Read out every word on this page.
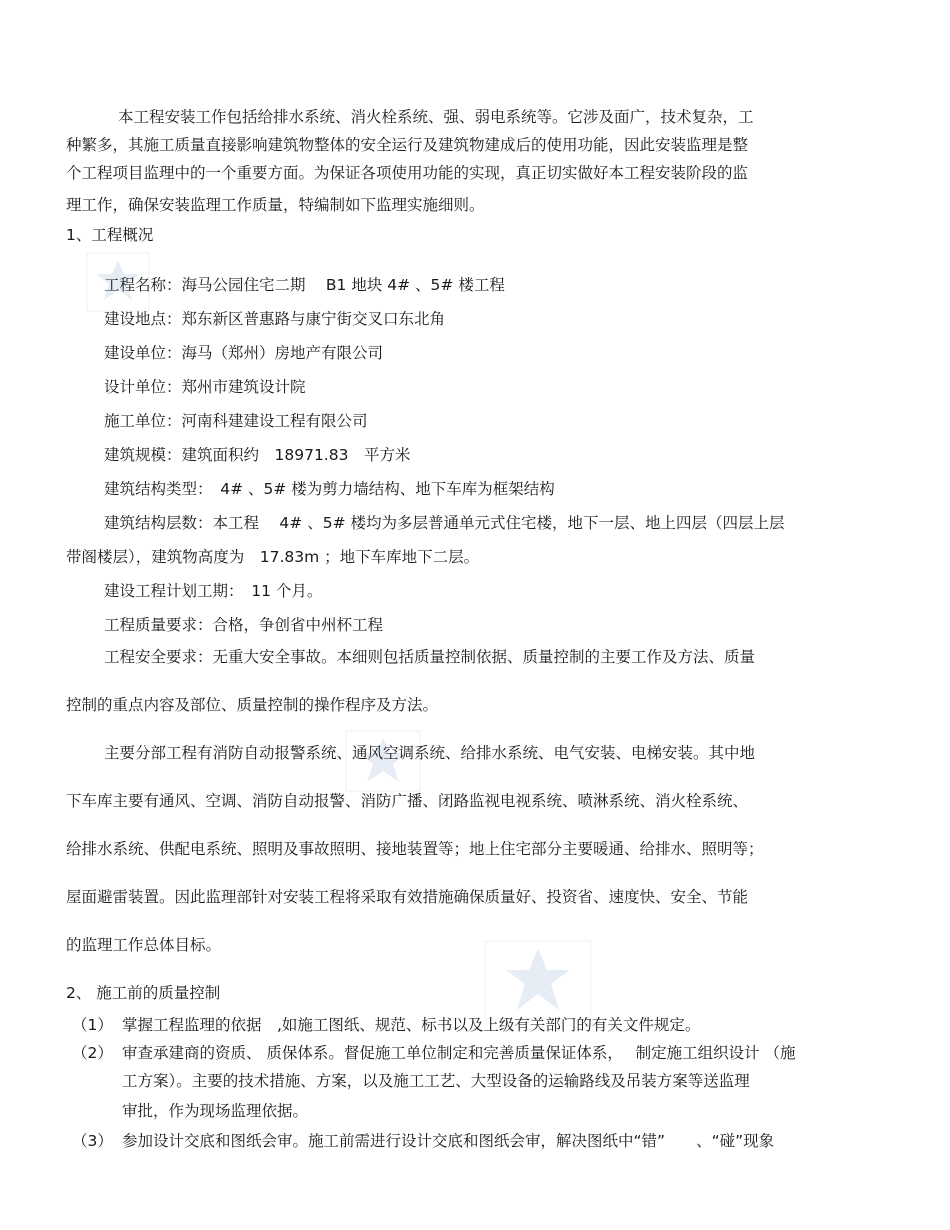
本工程安装工作包括给排水系统、消火栓系统、强、弱电系统等。它涉及面广，技术复杂，工
种繁多，其施工质量直接影响建筑物整体的安全运行及建筑物建成后的使用功能，因此安装监理是整
个工程项目监理中的一个重要方面。为保证各项使用功能的实现，真正切实做好本工程安装阶段的监
理工作，确保安装监理工作质量，特编制如下监理实施细则。
1、工程概况
工程名称：海马公园住宅二期　 B1 地块 4# 、5# 楼工程
建设地点：郑东新区普惠路与康宁街交叉口东北角
建设单位：海马（郑州）房地产有限公司
设计单位：郑州市建筑设计院
施工单位：河南科建建设工程有限公司
建筑规模：建筑面积约　18971.83　平方米
建筑结构类型：　4# 、5# 楼为剪力墙结构、地下车库为框架结构
建筑结构层数：本工程　 4# 、5# 楼均为多层普通单元式住宅楼，地下一层、地上四层（四层上层
带阁楼层），建筑物高度为　17.83m ；地下车库地下二层。
建设工程计划工期：　11 个月。
工程质量要求：合格，争创省中州杯工程
工程安全要求：无重大安全事故。本细则包括质量控制依据、质量控制的主要工作及方法、质量
控制的重点内容及部位、质量控制的操作程序及方法。
主要分部工程有消防自动报警系统、通风空调系统、给排水系统、电气安装、电梯安装。其中地
下车库主要有通风、空调、消防自动报警、消防广播、闭路监视电视系统、喷淋系统、消火栓系统、
给排水系统、供配电系统、照明及事故照明、接地装置等；地上住宅部分主要暖通、给排水、照明等；
屋面避雷装置。因此监理部针对安装工程将采取有效措施确保质量好、投资省、速度快、安全、节能
的监理工作总体目标。
2、 施工前的质量控制
（1） 掌握工程监理的依据　,如施工图纸、规范、标书以及上级有关部门的有关文件规定。
（2） 审查承建商的资质、 质保体系。督促施工单位制定和完善质量保证体系，　 制定施工组织设计 （施
工方案）。主要的技术措施、方案，以及施工工艺、大型设备的运输路线及吊装方案等送监理
审批，作为现场监理依据。
（3） 参加设计交底和图纸会审。施工前需进行设计交底和图纸会审，解决图纸中“错”　　、“碰”现象
